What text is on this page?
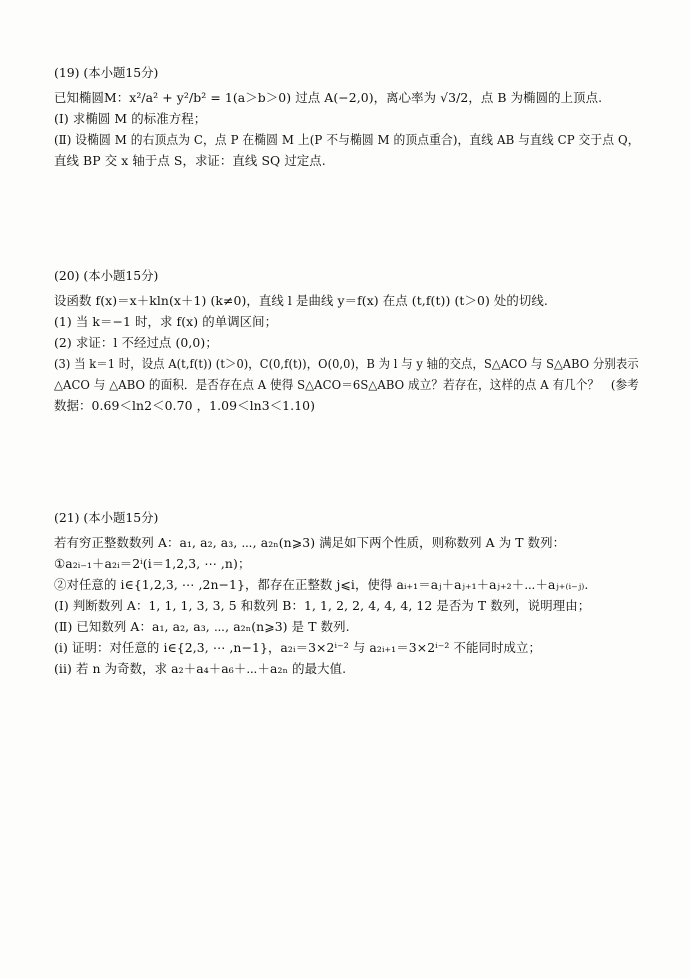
(19) (本小题15分)
已知椭圆M：x²/a² + y²/b² = 1(a＞b＞0) 过点 A(−2,0)，离心率为 √3/2，点 B 为椭圆的上顶点.
(Ⅰ) 求椭圆 M 的标准方程；
(Ⅱ) 设椭圆 M 的右顶点为 C，点 P 在椭圆 M 上(P 不与椭圆 M 的顶点重合)，直线 AB 与直线 CP 交于点 Q，
直线 BP 交 x 轴于点 S，求证：直线 SQ 过定点.
(20) (本小题15分)
设函数 f(x)＝x＋kln(x＋1) (k≠0)，直线 l 是曲线 y＝f(x) 在点 (t,f(t)) (t＞0) 处的切线.
(1) 当 k＝−1 时，求 f(x) 的单调区间；
(2) 求证：l 不经过点 (0,0)；
(3) 当 k＝1 时，设点 A(t,f(t)) (t＞0)，C(0,f(t))，O(0,0)，B 为 l 与 y 轴的交点，S△ACO 与 S△ABO 分别表示
△ACO 与 △ABO 的面积．是否存在点 A 使得 S△ACO＝6S△ABO 成立？若存在，这样的点 A 有几个？　(参考
数据：0.69＜ln2＜0.70 ，1.09＜ln3＜1.10)
(21) (本小题15分)
若有穷正整数数列 A：a₁, a₂, a₃, ⋯, a₂ₙ(n⩾3) 满足如下两个性质，则称数列 A 为 T 数列：
①a₂ᵢ₋₁＋a₂ᵢ＝2ⁱ(i＝1,2,3, ⋯ ,n)；
②对任意的 i∈{1,2,3, ⋯ ,2n−1}，都存在正整数 j⩽i，使得 aᵢ₊₁＝aⱼ＋aⱼ₊₁＋aⱼ₊₂＋⋯＋aⱼ₊₍ᵢ₋ⱼ₎.
(Ⅰ) 判断数列 A：1, 1, 1, 3, 3, 5 和数列 B：1, 1, 2, 2, 4, 4, 4, 12 是否为 T 数列，说明理由；
(Ⅱ) 已知数列 A：a₁, a₂, a₃, ⋯, a₂ₙ(n⩾3) 是 T 数列.
(i) 证明：对任意的 i∈{2,3, ⋯ ,n−1}，a₂ᵢ＝3×2ⁱ⁻² 与 a₂ᵢ₊₁＝3×2ⁱ⁻² 不能同时成立；
(ii) 若 n 为奇数，求 a₂＋a₄＋a₆＋⋯＋a₂ₙ 的最大值.
